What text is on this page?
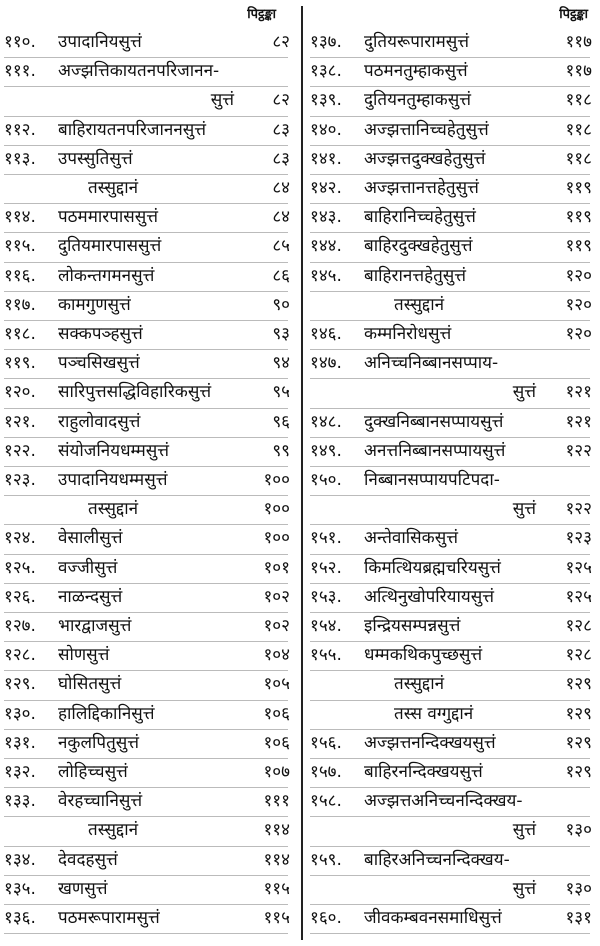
पिट्ठङ्का
११०.	उपादानियसुत्तं	८२
१११.	अज्झत्तिकायतनपरिजानन-
सुत्तं	८२
११२.	बाहिरायतनपरिजाननसुत्तं	८३
११३.	उपस्सुतिसुत्तं	८३
तस्सुद्दानं	८४
११४.	पठममारपाससुत्तं	८४
११५.	दुतियमारपाससुत्तं	८५
११६.	लोकन्तगमनसुत्तं	८६
११७.	कामगुणसुत्तं	९०
११८.	सक्कपञ्हसुत्तं	९३
११९.	पञ्चसिखसुत्तं	९४
१२०.	सारिपुत्तसद्धिविहारिकसुत्तं	९५
१२१.	राहुलोवादसुत्तं	९६
१२२.	संयोजनियधम्मसुत्तं	९९
१२३.	उपादानियधम्मसुत्तं	१००
तस्सुद्दानं	१००
१२४.	वेसालीसुत्तं	१००
१२५.	वज्जीसुत्तं	१०१
१२६.	नाळन्दसुत्तं	१०२
१२७.	भारद्वाजसुत्तं	१०२
१२८.	सोणसुत्तं	१०४
१२९.	घोसितसुत्तं	१०५
१३०.	हालिद्दिकानिसुत्तं	१०६
१३१.	नकुलपितुसुत्तं	१०६
१३२.	लोहिच्चसुत्तं	१०७
१३३.	वेरहच्चानिसुत्तं	१११
तस्सुद्दानं	११४
१३४.	देवदहसुत्तं	११४
१३५.	खणसुत्तं	११५
१३६.	पठमरूपारामसुत्तं	११५
पिट्ठङ्का
१३७.	दुतियरूपारामसुत्तं	११७
१३८.	पठमनतुम्हाकसुत्तं	११७
१३९.	दुतियनतुम्हाकसुत्तं	११८
१४०.	अज्झत्तानिच्चहेतुसुत्तं	११८
१४१.	अज्झत्तदुक्खहेतुसुत्तं	११८
१४२.	अज्झत्तानत्तहेतुसुत्तं	११९
१४३.	बाहिरानिच्चहेतुसुत्तं	११९
१४४.	बाहिरदुक्खहेतुसुत्तं	११९
१४५.	बाहिरानत्तहेतुसुत्तं	१२०
तस्सुद्दानं	१२०
१४६.	कम्मनिरोधसुत्तं	१२०
१४७.	अनिच्चनिब्बानसप्पाय-
सुत्तं	१२१
१४८.	दुक्खनिब्बानसप्पायसुत्तं	१२१
१४९.	अनत्तनिब्बानसप्पायसुत्तं	१२२
१५०.	निब्बानसप्पायपटिपदा-
सुत्तं	१२२
१५१.	अन्तेवासिकसुत्तं	१२३
१५२.	किमत्थियब्रह्मचरियसुत्तं	१२५
१५३.	अत्थिनुखोपरियायसुत्तं	१२५
१५४.	इन्द्रियसम्पन्नसुत्तं	१२८
१५५.	धम्मकथिकपुच्छसुत्तं	१२८
तस्सुद्दानं	१२९
तस्स वग्गुद्दानं	१२९
१५६.	अज्झत्तनन्दिक्खयसुत्तं	१२९
१५७.	बाहिरनन्दिक्खयसुत्तं	१२९
१५८.	अज्झत्तअनिच्चनन्दिक्खय-
सुत्तं	१३०
१५९.	बाहिरअनिच्चनन्दिक्खय-
सुत्तं	१३०
१६०.	जीवकम्बवनसमाधिसुत्तं	१३१
